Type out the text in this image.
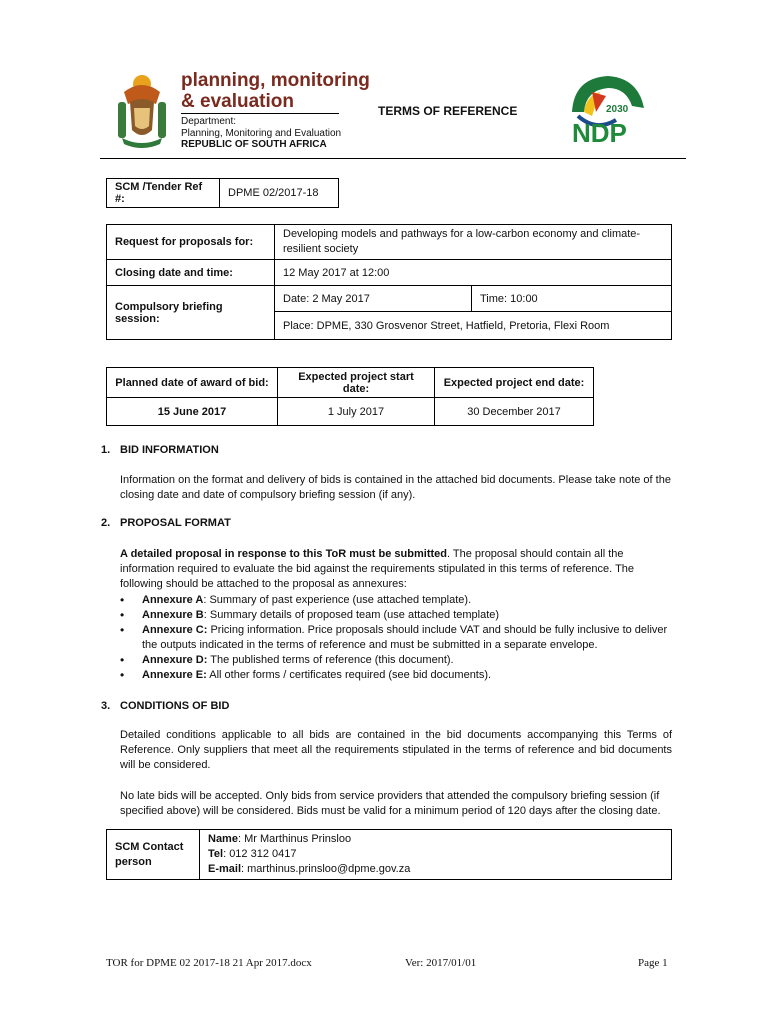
planning, monitoring
& evaluation
Department:
Planning, Monitoring and Evaluation
REPUBLIC OF SOUTH AFRICA
TERMS OF REFERENCE	2030
NDP
SCM /Tender Ref #:	DPME 02/2017-18
Request for proposals for:	Developing models and pathways for a low-carbon economy and climate-resilient society	
Closing date and time:	12 May 2017 at 12:00	
Compulsory briefing session:	Date: 2 May 2017	Time: 10:00
	Place: DPME, 330 Grosvenor Street, Hatfield, Pretoria, Flexi Room	
Planned date of award of bid:	Expected project start date:	Expected project end date:
15 June 2017	1 July 2017	30 December 2017
1. BID INFORMATION
Information on the format and delivery of bids is contained in the attached bid documents. Please take note of the closing date and date of compulsory briefing session (if any).
2. PROPOSAL FORMAT
A detailed proposal in response to this ToR must be submitted. The proposal should contain all the information required to evaluate the bid against the requirements stipulated in this terms of reference. The following should be attached to the proposal as annexures:
• Annexure A: Summary of past experience (use attached template).
• Annexure B: Summary details of proposed team (use attached template)
• Annexure C: Pricing information. Price proposals should include VAT and should be fully inclusive to deliver the outputs indicated in the terms of reference and must be submitted in a separate envelope.
• Annexure D: The published terms of reference (this document).
• Annexure E: All other forms / certificates required (see bid documents).
3. CONDITIONS OF BID
Detailed conditions applicable to all bids are contained in the bid documents accompanying this Terms of Reference. Only suppliers that meet all the requirements stipulated in the terms of reference and bid documents will be considered.
No late bids will be accepted. Only bids from service providers that attended the compulsory briefing session (if specified above) will be considered. Bids must be valid for a minimum period of 120 days after the closing date.
SCM Contact person	
Name: Mr Marthinus Prinsloo
Tel: 012 312 0417
E-mail: marthinus.prinsloo@dpme.gov.za
TOR for DPME 02 2017-18 21 Apr 2017.docx	Ver: 2017/01/01	Page 1
